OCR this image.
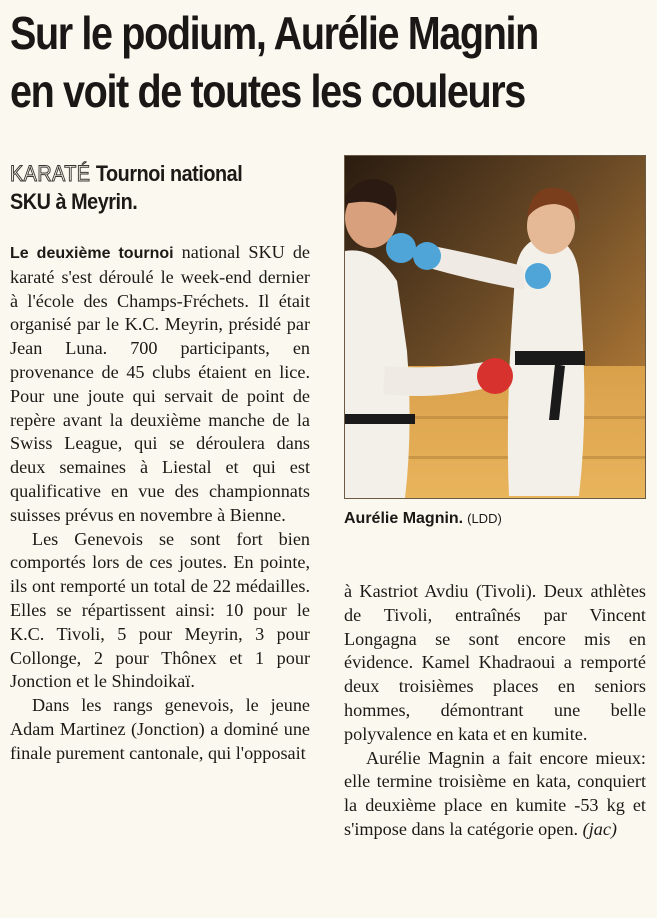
Sur le podium, Aurélie Magnin
en voit de toutes les couleurs
KARATÉ Tournoi national
SKU à Meyrin.

Le deuxième tournoi national SKU de karaté s'est déroulé le week-end dernier à l'école des Champs-Fréchets. Il était organisé par le K.C. Meyrin, présidé par Jean Luna. 700 participants, en provenance de 45 clubs étaient en lice. Pour une joute qui servait de point de repère avant la deuxième manche de la Swiss League, qui se déroulera dans deux semaines à Liestal et qui est qualificative en vue des championnats suisses prévus en novembre à Bienne.

Les Genevois se sont fort bien comportés lors de ces joutes. En pointe, ils ont remporté un total de 22 médailles. Elles se répartissent ainsi: 10 pour le K.C. Tivoli, 5 pour Meyrin, 3 pour Collonge, 2 pour Thônex et 1 pour Jonction et le Shindoikaï.

Dans les rangs genevois, le jeune Adam Martinez (Jonction) a dominé une finale purement cantonale, qui l'opposait

Aurélie Magnin. (LDD)

à Kastriot Avdiu (Tivoli). Deux athlètes de Tivoli, entraînés par Vincent Longagna se sont encore mis en évidence. Kamel Khadraoui a remporté deux troisièmes places en seniors hommes, démontrant une belle polyvalence en kata et en kumite.

Aurélie Magnin a fait encore mieux: elle termine troisième en kata, conquiert la deuxième place en kumite -53 kg et s'impose dans la catégorie open. (jac)
